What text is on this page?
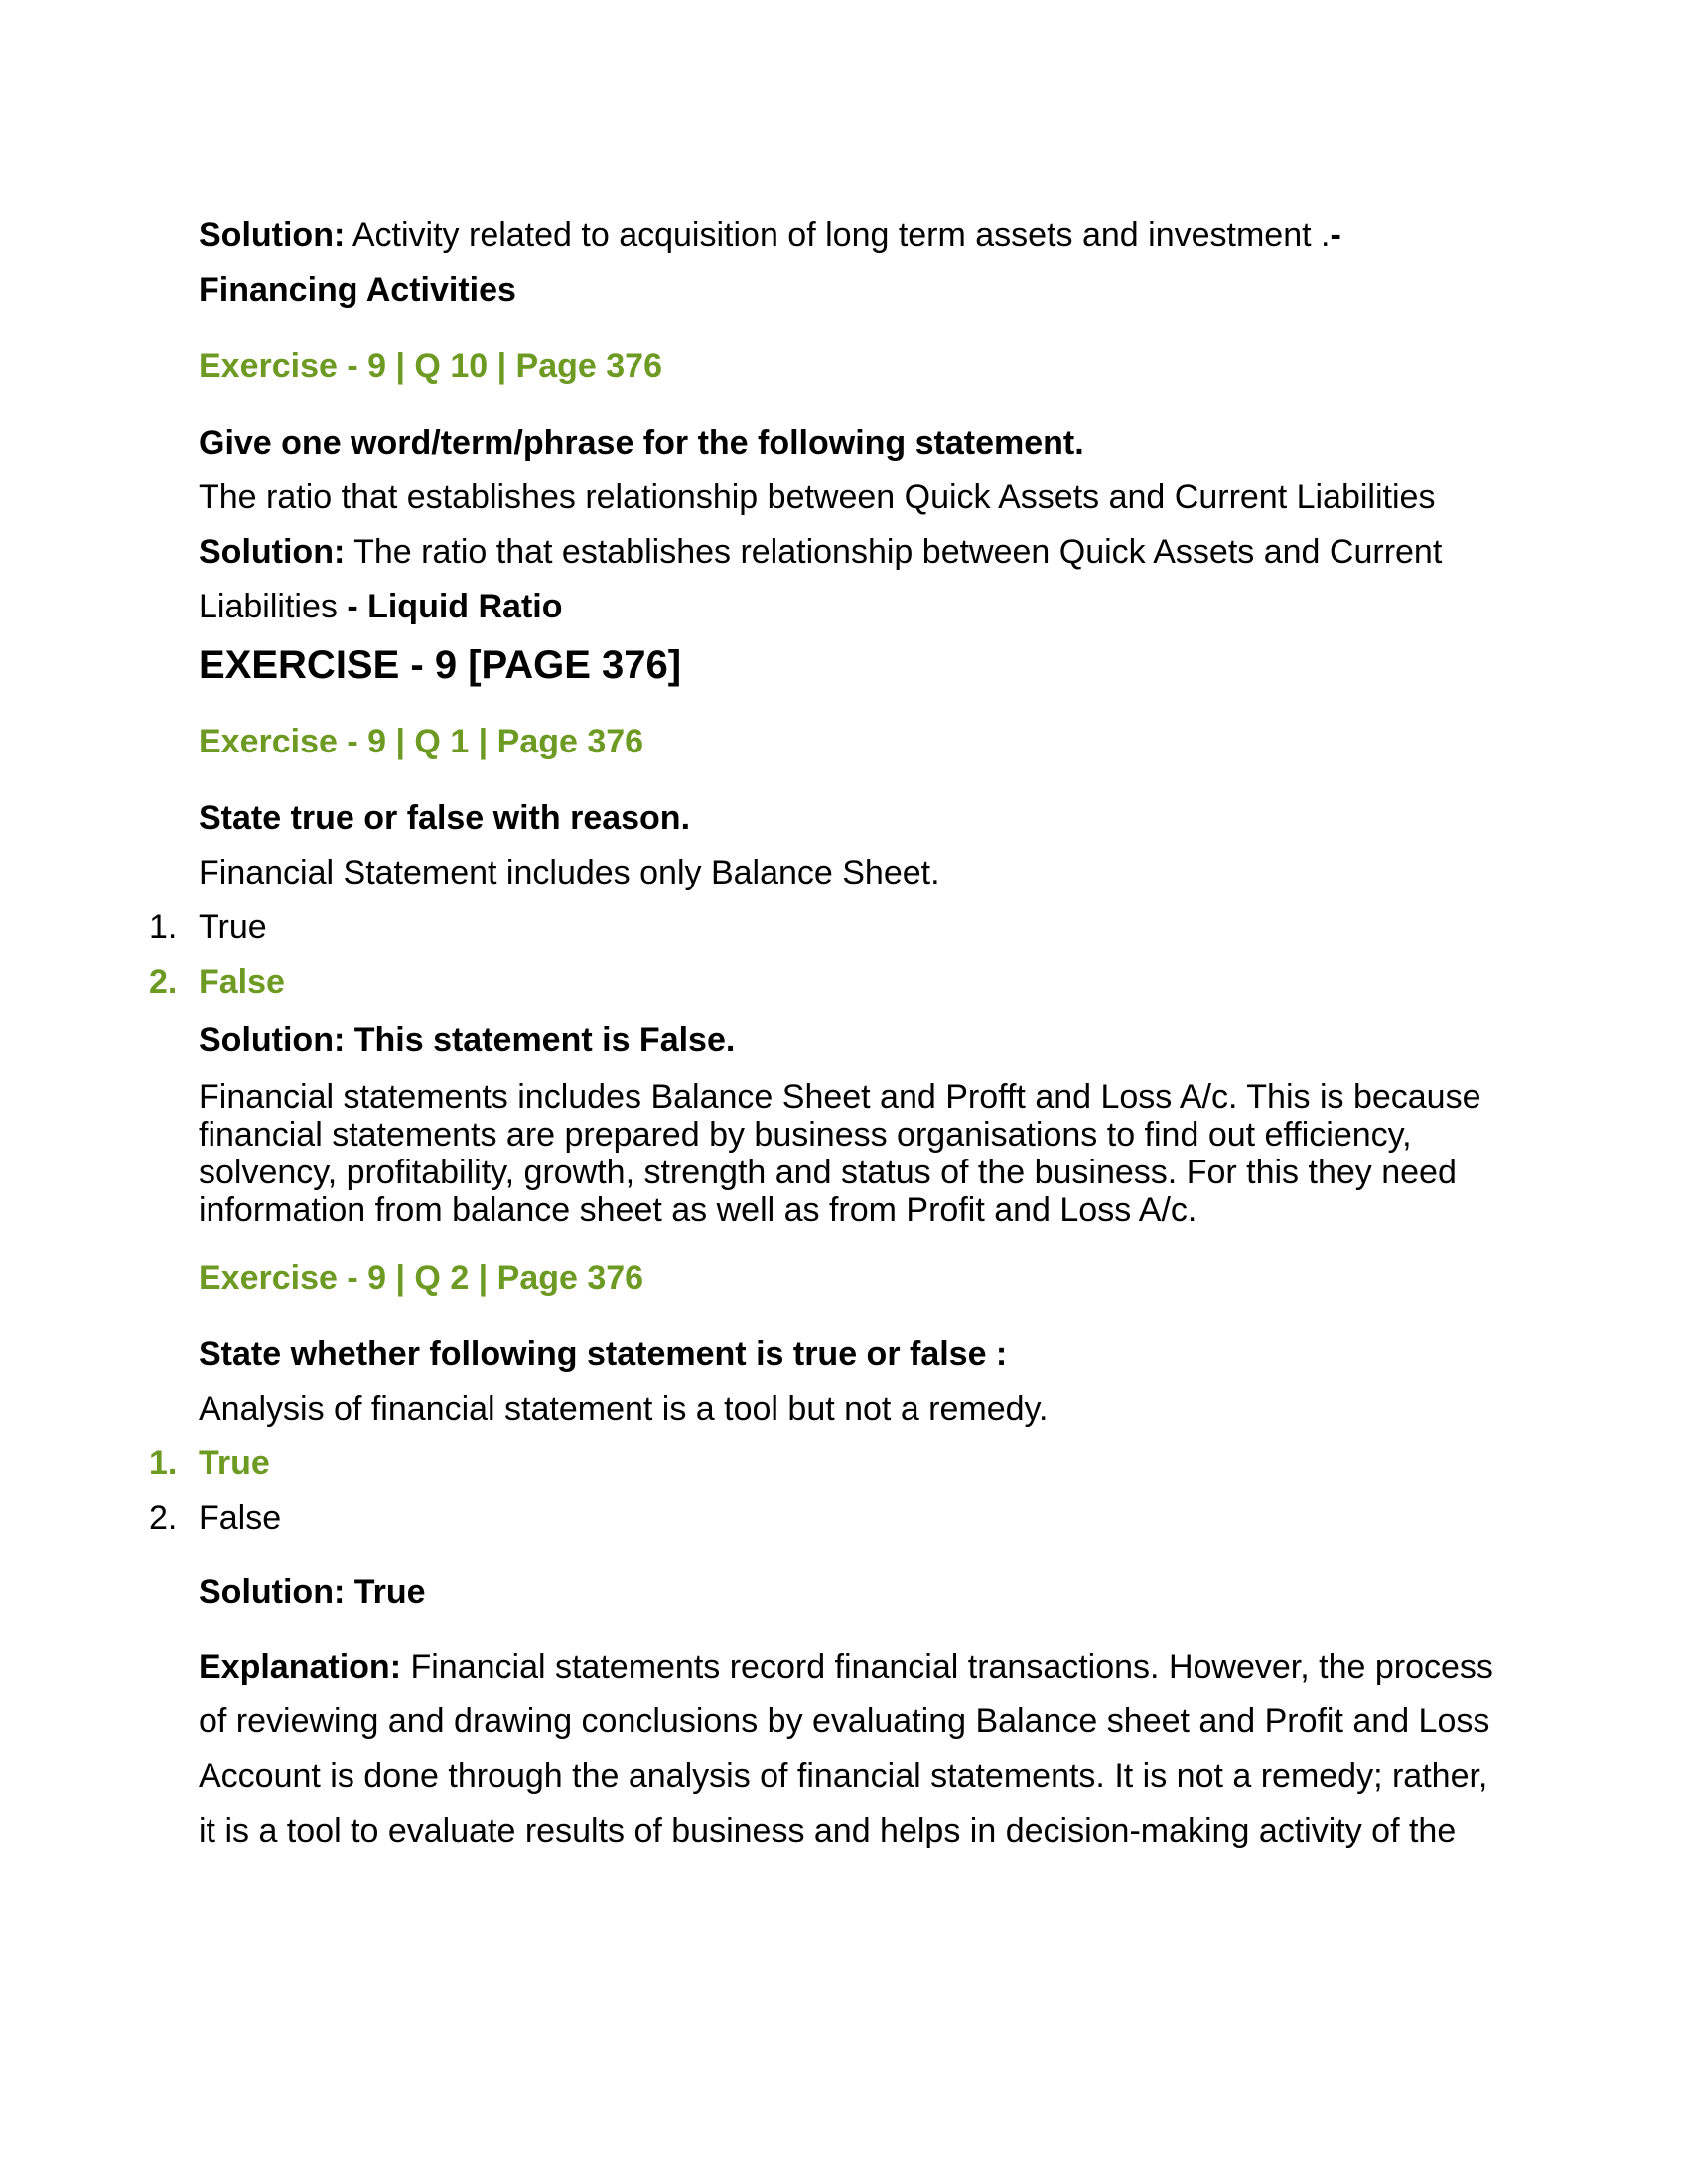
Solution: Activity related to acquisition of long term assets and investment .- Financing Activities

Exercise - 9 | Q 10 | Page 376
Give one word/term/phrase for the following statement.
The ratio that establishes relationship between Quick Assets and Current Liabilities

Solution: The ratio that establishes relationship between Quick Assets and Current Liabilities - Liquid Ratio

EXERCISE - 9 [PAGE 376]
Exercise - 9 | Q 1 | Page 376
State true or false with reason.
Financial Statement includes only Balance Sheet.
1. True
2. False
Solution: This statement is False.
Financial statements includes Balance Sheet and Profft and Loss A/c. This is because financial statements are prepared by business organisations to find out efficiency, solvency, profitability, growth, strength and status of the business. For this they need information from balance sheet as well as from Profit and Loss A/c.
Exercise - 9 | Q 2 | Page 376
State whether following statement is true or false :
Analysis of financial statement is a tool but not a remedy.
1. True
2. False
Solution: True

Explanation: Financial statements record financial transactions. However, the process of reviewing and drawing conclusions by evaluating Balance sheet and Profit and Loss Account is done through the analysis of financial statements. It is not a remedy; rather, it is a tool to evaluate results of business and helps in decision-making activity of the
